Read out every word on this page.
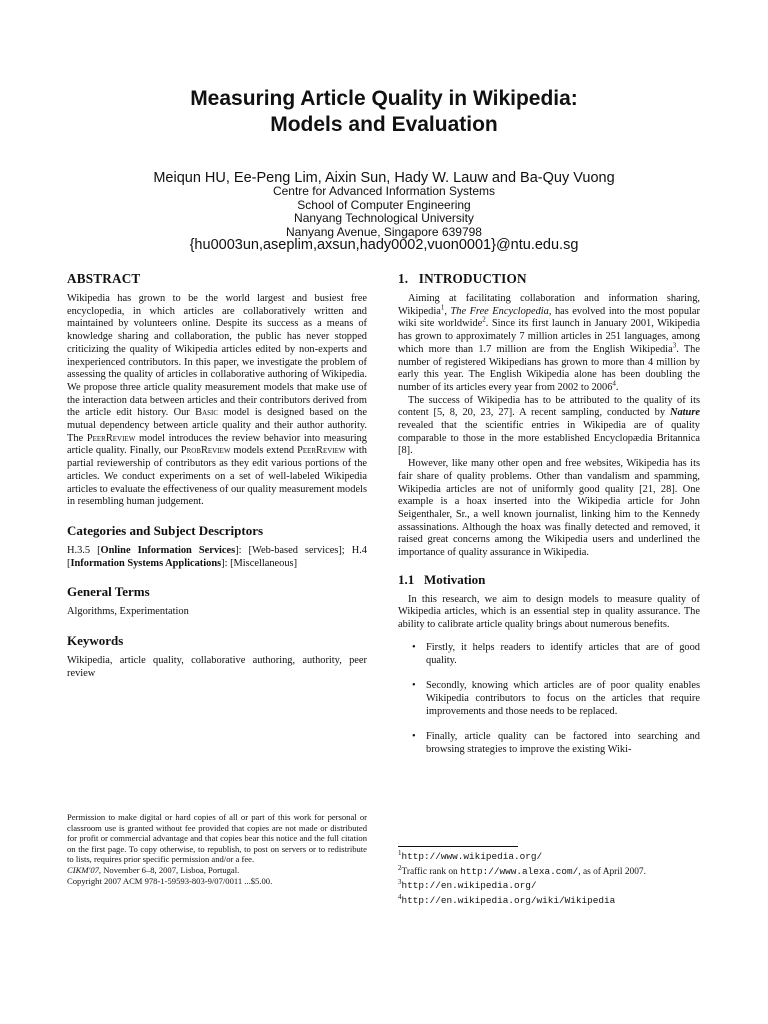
Measuring Article Quality in Wikipedia:
Models and Evaluation
Meiqun HU, Ee-Peng Lim, Aixin Sun, Hady W. Lauw and Ba-Quy Vuong
Centre for Advanced Information Systems
School of Computer Engineering
Nanyang Technological University
Nanyang Avenue, Singapore 639798
{hu0003un,aseplim,axsun,hady0002,vuon0001}@ntu.edu.sg
ABSTRACT

Wikipedia has grown to be the world largest and busiest free encyclopedia, in which articles are collaboratively written and maintained by volunteers online. Despite its success as a means of knowledge sharing and collaboration, the public has never stopped criticizing the quality of Wikipedia articles edited by non-experts and inexperienced contributors. In this paper, we investigate the problem of assessing the quality of articles in collaborative authoring of Wikipedia. We propose three article quality measurement models that make use of the interaction data between articles and their contributors derived from the article edit history. Our Basic model is designed based on the mutual dependency between article quality and their author authority. The PeerReview model introduces the review behavior into measuring article quality. Finally, our ProbReview models extend PeerReview with partial reviewership of contributors as they edit various portions of the articles. We conduct experiments on a set of well-labeled Wikipedia articles to evaluate the effectiveness of our quality measurement models in resembling human judgement.

Categories and Subject Descriptors

H.3.5 [Online Information Services]: [Web-based services]; H.4 [Information Systems Applications]: [Miscellaneous]

General Terms

Algorithms, Experimentation

Keywords

Wikipedia, article quality, collaborative authoring, authority, peer review

Permission to make digital or hard copies of all or part of this work for personal or classroom use is granted without fee provided that copies are not made or distributed for profit or commercial advantage and that copies bear this notice and the full citation on the first page. To copy otherwise, to republish, to post on servers or to redistribute to lists, requires prior specific permission and/or a fee.

CIKM'07, November 6–8, 2007, Lisboa, Portugal.

Copyright 2007 ACM 978-1-59593-803-9/07/0011 ...$5.00.

1.   INTRODUCTION

Aiming at facilitating collaboration and information sharing, Wikipedia$^1$, The Free Encyclopedia, has evolved into the most popular wiki site worldwide$^2$. Since its first launch in January 2001, Wikipedia has grown to approximately 7 million articles in 251 languages, among which more than 1.7 million are from the English Wikipedia$^3$. The number of registered Wikipedians has grown to more than 4 million by early this year. The English Wikipedia alone has been doubling the number of its articles every year from 2002 to 2006$^4$.

The success of Wikipedia has to be attributed to the quality of its content [5, 8, 20, 23, 27]. A recent sampling, conducted by Nature revealed that the scientific entries in Wikipedia are of quality comparable to those in the more established Encyclopædia Britannica [8].

However, like many other open and free websites, Wikipedia has its fair share of quality problems. Other than vandalism and spamming, Wikipedia articles are not of uniformly good quality [21, 28]. One example is a hoax inserted into the Wikipedia article for John Seigenthaler, Sr., a well known journalist, linking him to the Kennedy assassinations. Although the hoax was finally detected and removed, it raised great concerns among the Wikipedia users and underlined the importance of quality assurance in Wikipedia.

1.1   Motivation

In this research, we aim to design models to measure quality of Wikipedia articles, which is an essential step in quality assurance. The ability to calibrate article quality brings about numerous benefits.

• Firstly, it helps readers to identify articles that are of good quality.
• Secondly, knowing which articles are of poor quality enables Wikipedia contributors to focus on the articles that require improvements and those needs to be replaced.
• Finally, article quality can be factored into searching and browsing strategies to improve the existing Wiki-
$^1$http://www.wikipedia.org/
$^2$Traffic rank on http://www.alexa.com/, as of April 2007.
$^3$http://en.wikipedia.org/
$^4$http://en.wikipedia.org/wiki/Wikipedia
